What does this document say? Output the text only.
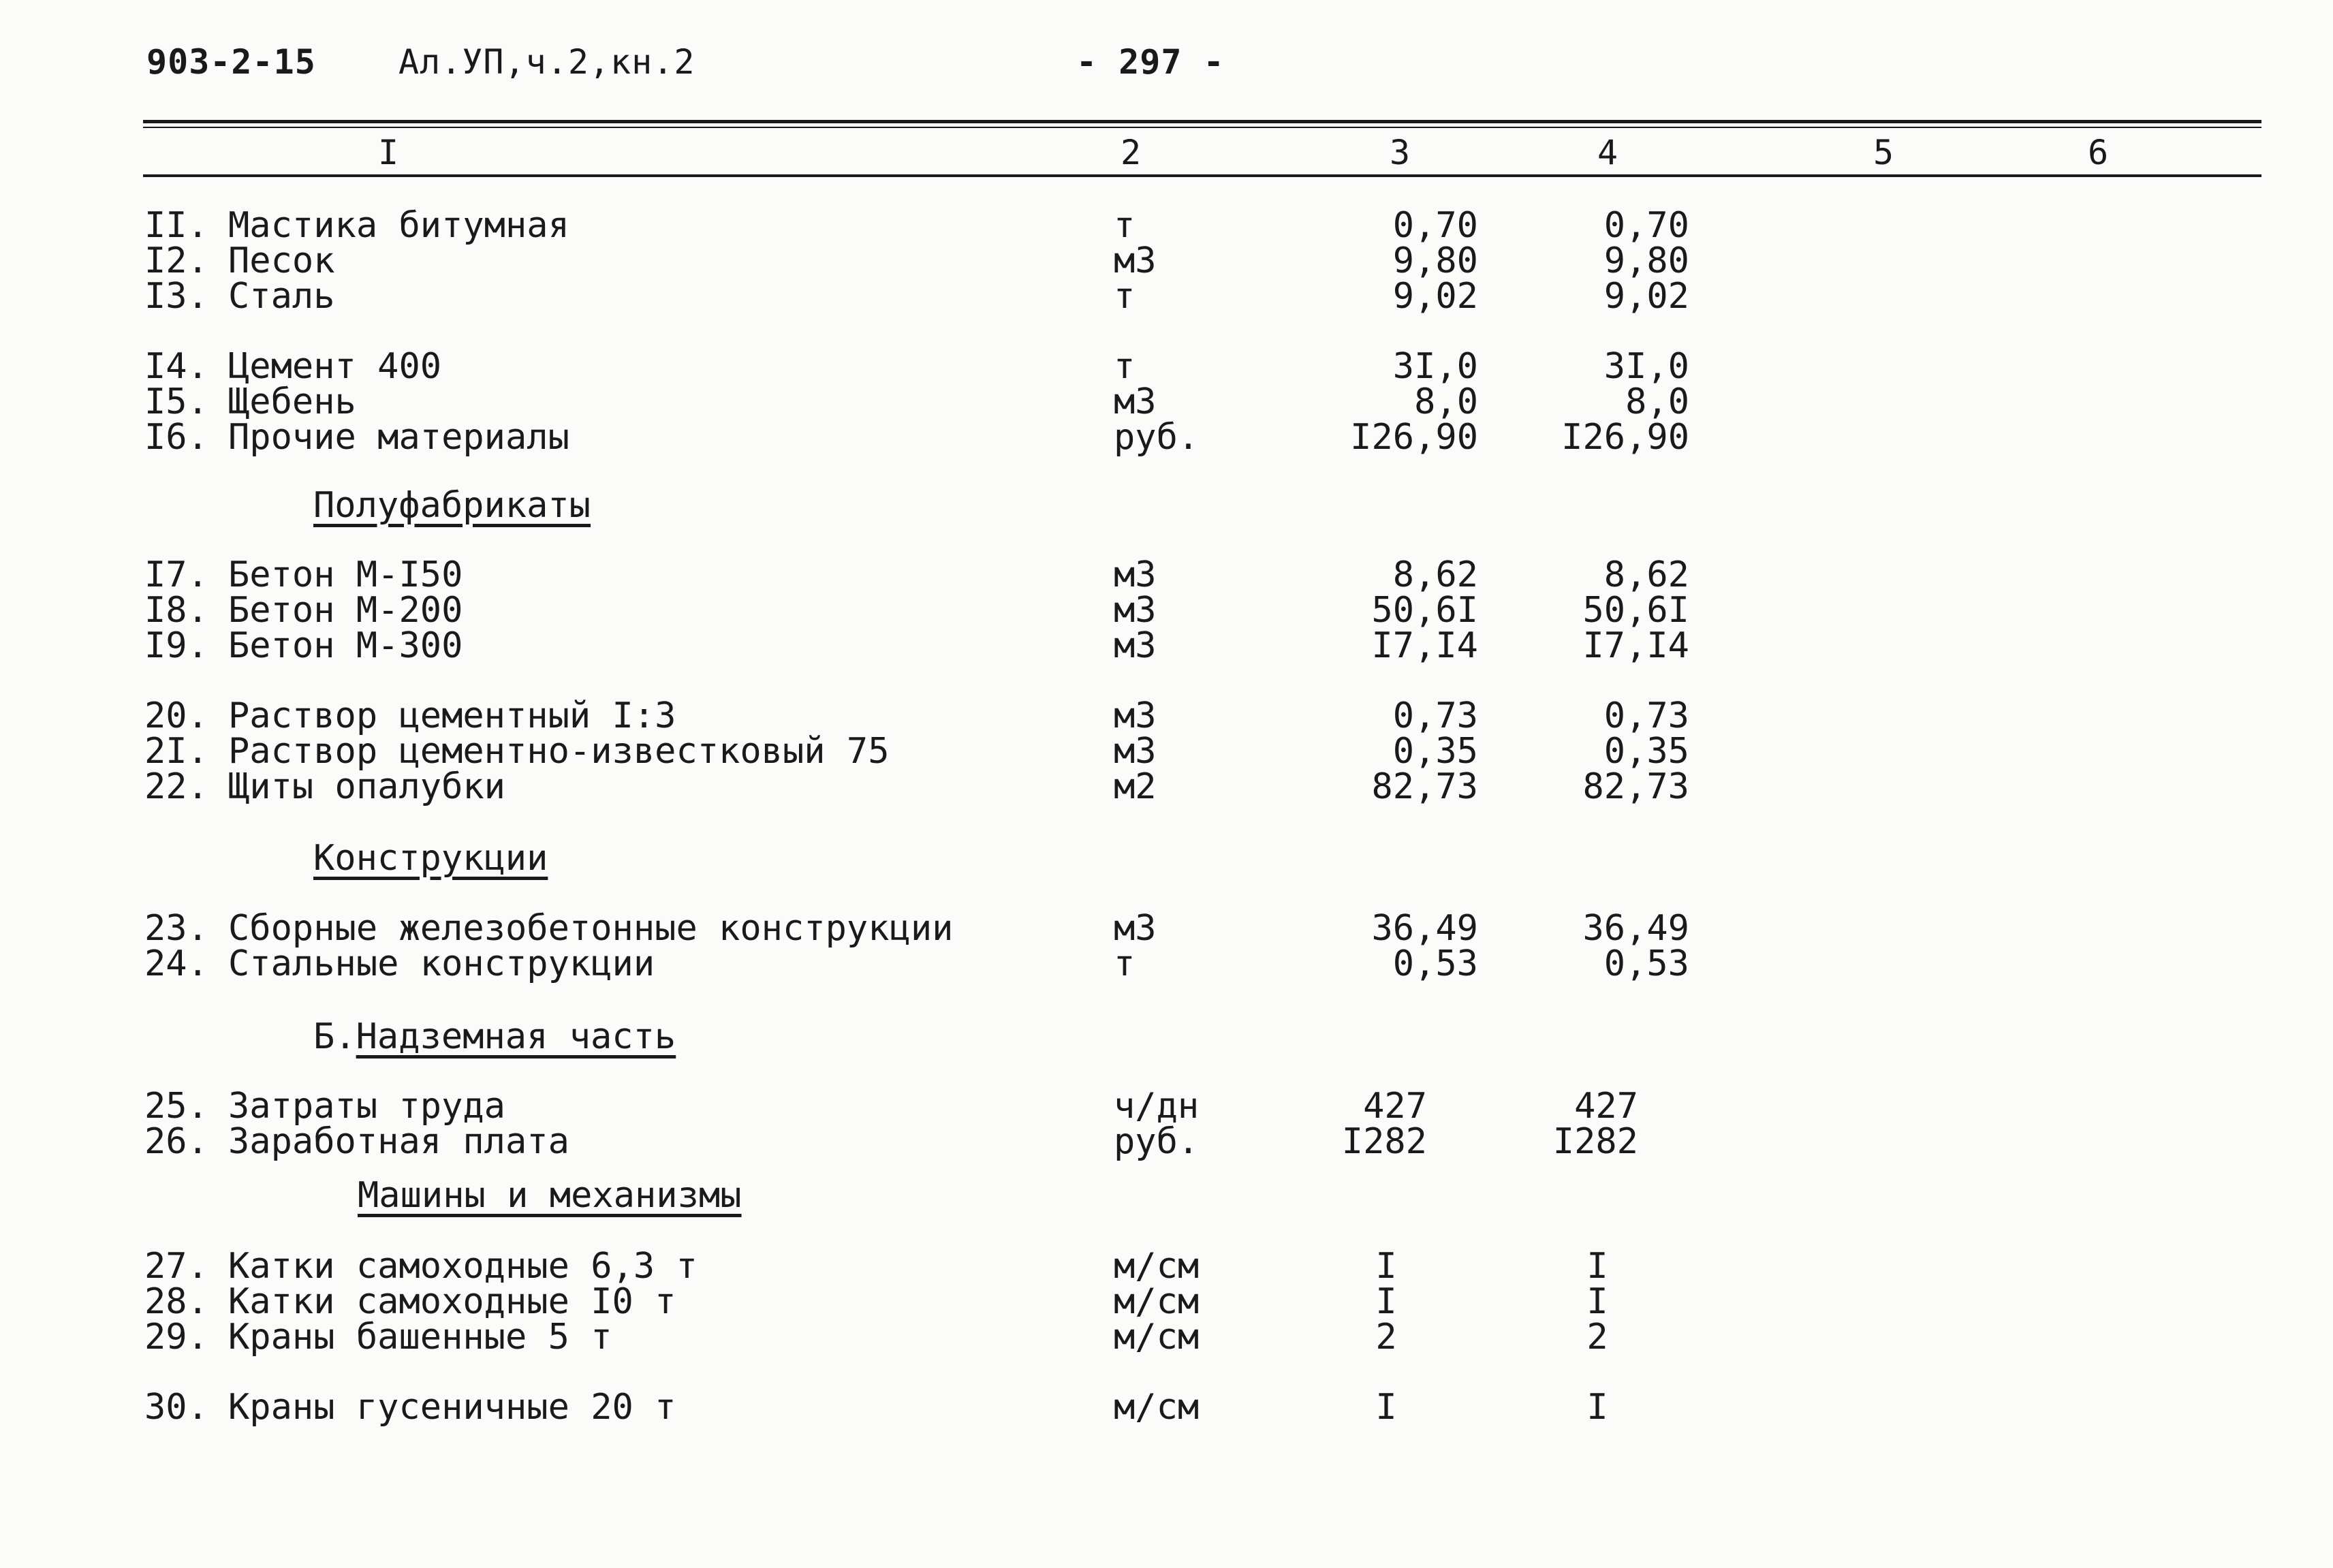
903-2-15 Ал.УП,ч.2,кн.2	- 297 -
I	2	3	4	5	6
II. Мастика битумная	т	0,70	0,70
I2. Песок	м3	9,80	9,80
I3. Сталь	т	9,02	9,02
I4. Цемент 400	т	3I,0	3I,0
I5. Щебень	м3	8,0	8,0
I6. Прочие материалы	руб.	I26,90 I26,90
Полуфабрикаты
I7. Бетон М-I50	м3	8,62	8,62
I8. Бетон М-200	м3	50,6I	50,6I
I9. Бетон М-300	м3	I7,I4	I7,I4
20. Раствор цементный I:3	м3	0,73	0,73
2I. Раствор цементно-известковый 75	м3	0,35	0,35
22. Щиты опалубки	м2	82,73	82,73
Конструкции
23. Сборные железобетонные конструкции	м3	36,49	36,49
24. Стальные конструкции	т	0,53	0,53
Б.Надземная часть
25. Затраты труда	ч/дн	427	427
26. Заработная плата	руб.	I282	I282
Машины и механизмы
27. Катки самоходные 6,3 т	м/см	I	I
28. Катки самоходные I0 т	м/см	I	I
29. Краны башенные 5 т	м/см	2	2
30. Краны гусеничные 20 т	м/см	I	I
